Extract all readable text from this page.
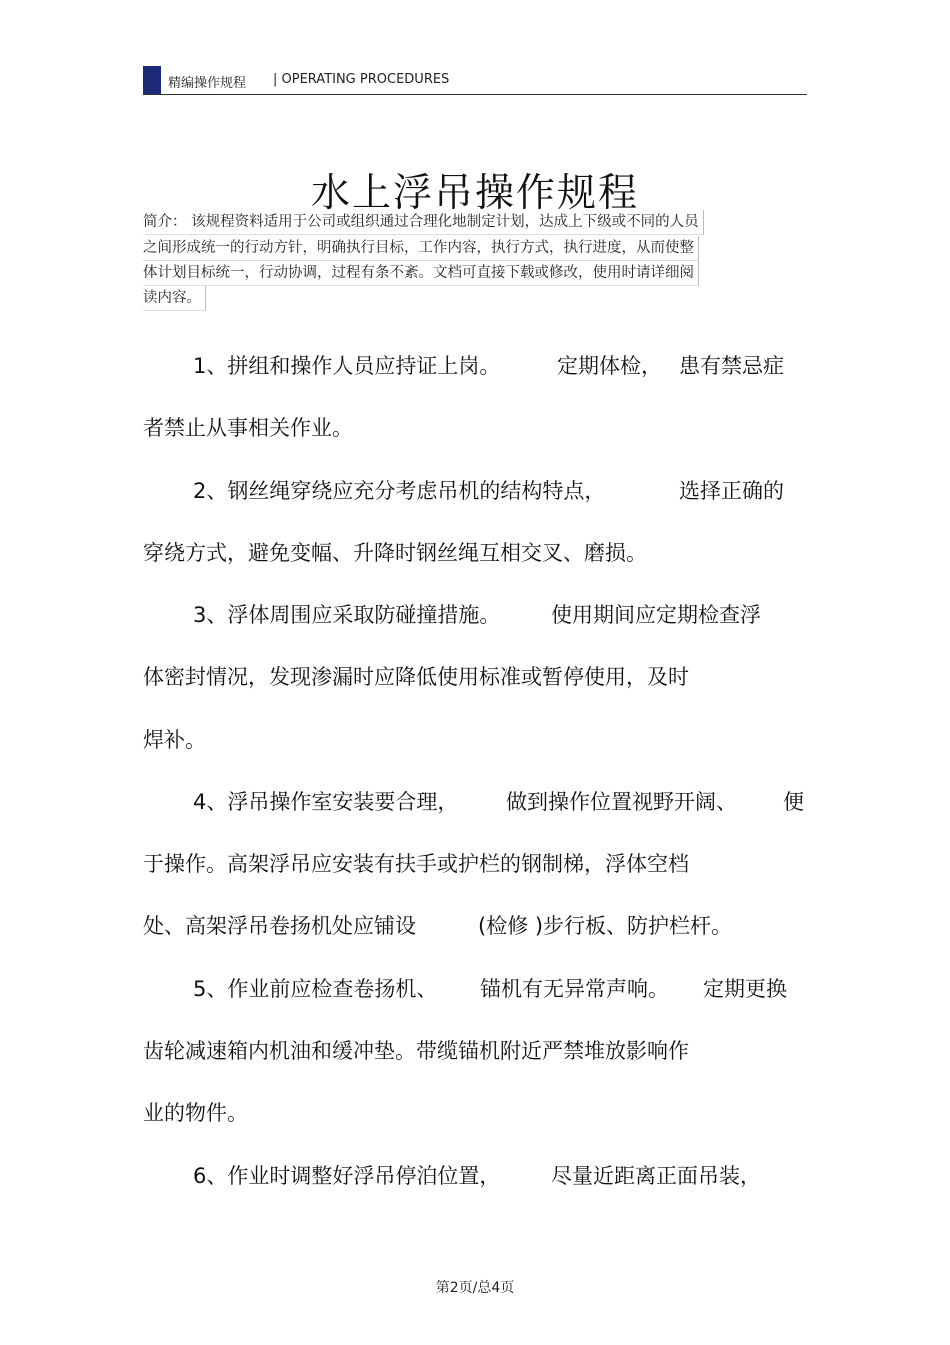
精编操作规程 | OPERATING PROCEDURES
水上浮吊操作规程
简介： 该规程资料适用于公司或组织通过合理化地制定计划，达成上下级或不同的人员
之间形成统一的行动方针，明确执行目标，工作内容，执行方式，执行进度，从而使整
体计划目标统一，行动协调，过程有条不紊。文档可直接下载或修改，使用时请详细阅
读内容。
1、拼组和操作人员应持证上岗。	定期体检， 患有禁忌症
者禁止从事相关作业。
2、钢丝绳穿绕应充分考虑吊机的结构特点，	选择正确的
穿绕方式，避免变幅、升降时钢丝绳互相交叉、磨损。
3、浮体周围应采取防碰撞措施。 使用期间应定期检查浮
体密封情况，发现渗漏时应降低使用标准或暂停使用，及时
焊补。
4、浮吊操作室安装要合理， 做到操作位置视野开阔、 便
于操作。高架浮吊应安装有扶手或护栏的钢制梯，浮体空档
处、高架浮吊卷扬机处应铺设	(检修 )步行板、防护栏杆。
5、作业前应检查卷扬机、 锚机有无异常声响。 定期更换
齿轮减速箱内机油和缓冲垫。带缆锚机附近严禁堆放影响作
业的物件。
6、作业时调整好浮吊停泊位置， 尽量近距离正面吊装，
第2页/总4页
